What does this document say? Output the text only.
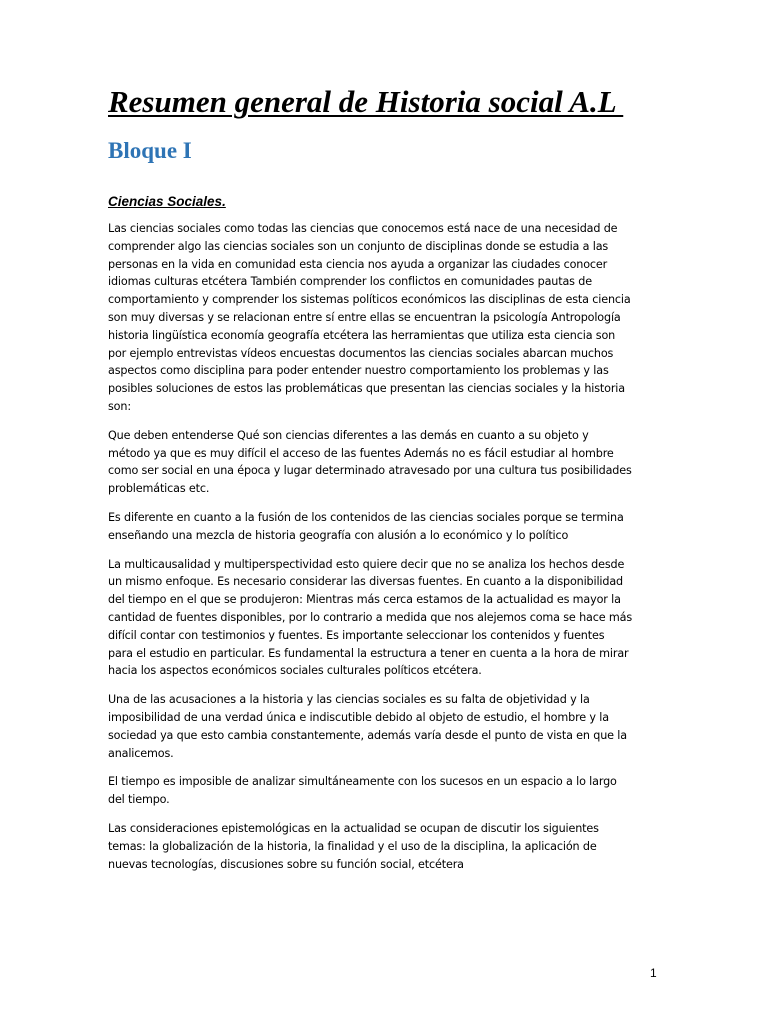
Resumen general de Historia social A.L
Bloque I
Ciencias Sociales.

Las ciencias sociales como todas las ciencias que conocemos está nace de una necesidad de
comprender algo las ciencias sociales son un conjunto de disciplinas donde se estudia a las
personas en la vida en comunidad esta ciencia nos ayuda a organizar las ciudades conocer
idiomas culturas etcétera También comprender los conflictos en comunidades pautas de
comportamiento y comprender los sistemas políticos económicos las disciplinas de esta ciencia
son muy diversas y se relacionan entre sí entre ellas se encuentran la psicología Antropología
historia lingüística economía geografía etcétera las herramientas que utiliza esta ciencia son
por ejemplo entrevistas vídeos encuestas documentos las ciencias sociales abarcan muchos
aspectos como disciplina para poder entender nuestro comportamiento los problemas y las
posibles soluciones de estos las problemáticas que presentan las ciencias sociales y la historia
son:

Que deben entenderse Qué son ciencias diferentes a las demás en cuanto a su objeto y
método ya que es muy difícil el acceso de las fuentes Además no es fácil estudiar al hombre
como ser social en una época y lugar determinado atravesado por una cultura tus posibilidades
problemáticas etc.

Es diferente en cuanto a la fusión de los contenidos de las ciencias sociales porque se termina
enseñando una mezcla de historia geografía con alusión a lo económico y lo político

La multicausalidad y multiperspectividad esto quiere decir que no se analiza los hechos desde
un mismo enfoque. Es necesario considerar las diversas fuentes. En cuanto a la disponibilidad
del tiempo en el que se produjeron: Mientras más cerca estamos de la actualidad es mayor la
cantidad de fuentes disponibles, por lo contrario a medida que nos alejemos coma se hace más
difícil contar con testimonios y fuentes. Es importante seleccionar los contenidos y fuentes
para el estudio en particular. Es fundamental la estructura a tener en cuenta a la hora de mirar
hacia los aspectos económicos sociales culturales políticos etcétera.

Una de las acusaciones a la historia y las ciencias sociales es su falta de objetividad y la
imposibilidad de una verdad única e indiscutible debido al objeto de estudio, el hombre y la
sociedad ya que esto cambia constantemente, además varía desde el punto de vista en que la
analicemos.

El tiempo es imposible de analizar simultáneamente con los sucesos en un espacio a lo largo
del tiempo.

Las consideraciones epistemológicas en la actualidad se ocupan de discutir los siguientes
temas: la globalización de la historia, la finalidad y el uso de la disciplina, la aplicación de
nuevas tecnologías, discusiones sobre su función social, etcétera

1
